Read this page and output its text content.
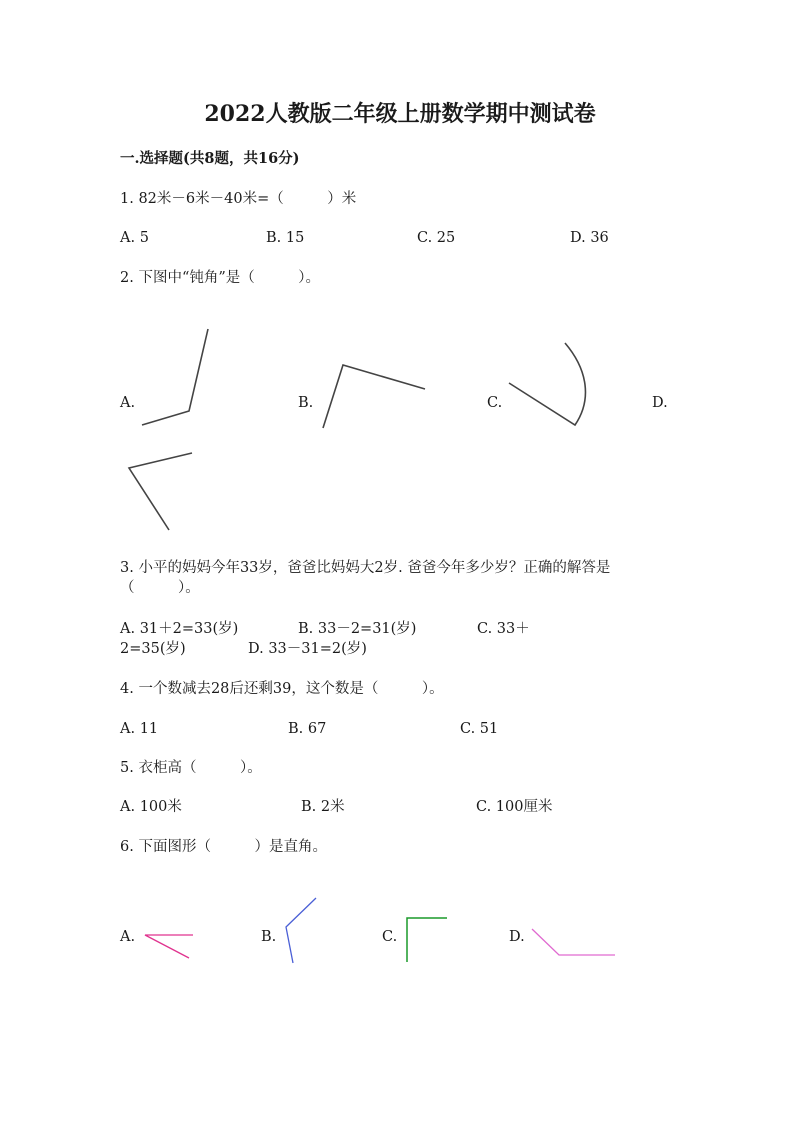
2022人教版二年级上册数学期中测试卷
一.选择题(共8题，共16分)
1. 82米－6米－40米=（　　　）米
A. 5	B. 15	C. 25	D. 36
2. 下图中“钝角”是（　　　）。
A.	B.	C.	D.
3. 小平的妈妈今年33岁，爸爸比妈妈大2岁. 爸爸今年多少岁？正确的解答是
（　　　）。
A. 31＋2=33(岁)	B. 33－2=31(岁)	C. 33＋
2=35(岁)	D. 33－31=2(岁)
4. 一个数减去28后还剩39，这个数是（　　　）。
A. 11	B. 67	C. 51
5. 衣柜高（　　　）。
A. 100米	B. 2米	C. 100厘米
6. 下面图形（　　　）是直角。
A.	B.	C.	D.
